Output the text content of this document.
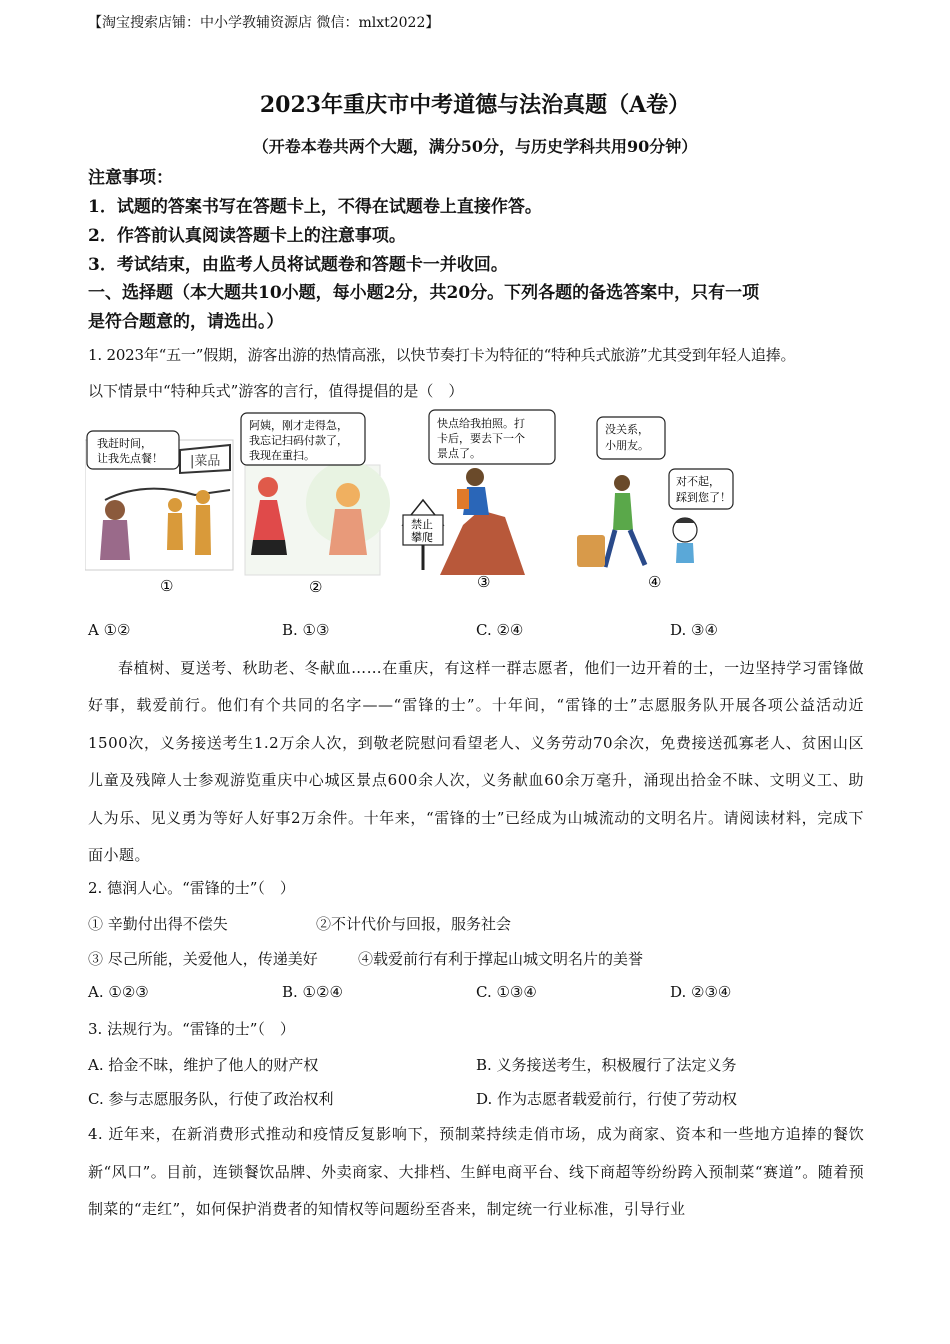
【淘宝搜索店铺：中小学教辅资源店 微信：mlxt2022】
2023年重庆市中考道德与法治真题（A卷）
（开卷本卷共两个大题，满分50分，与历史学科共用90分钟）
注意事项：
1．试题的答案书写在答题卡上，不得在试题卷上直接作答。
2．作答前认真阅读答题卡上的注意事项。
3．考试结束，由监考人员将试题卷和答题卡一并收回。
一、选择题（本大题共10小题，每小题2分，共20分。下列各题的备选答案中，只有一项
是符合题意的，请选出。）
1. 2023年“五一”假期，游客出游的热情高涨，以快节奏打卡为特征的“特种兵式旅游”尤其受到年轻人追捧。
以下情景中“特种兵式”游客的言行，值得提倡的是（　）
|菜品
我赶时间，
让我先点餐！
①
阿姨，刚才走得急，
我忘记扫码付款了，
我现在重扫。
②
禁止
攀爬
快点给我拍照。打
卡后，要去下一个
景点了。
③
没关系，
小朋友。
对不起，
踩到您了！
④
A ①②	B. ①③	C. ②④	D. ③④
春植树、夏送考、秋助老、冬献血……在重庆，有这样一群志愿者，他们一边开着的士，一边坚持学习雷锋做好事，载爱前行。他们有个共同的名字——“雷锋的士”。十年间，“雷锋的士”志愿服务队开展各项公益活动近1500次，义务接送考生1.2万余人次，到敬老院慰问看望老人、义务劳动70余次，免费接送孤寡老人、贫困山区儿童及残障人士参观游览重庆中心城区景点600余人次，义务献血60余万毫升，涌现出拾金不昧、文明义工、助人为乐、见义勇为等好人好事2万余件。十年来，“雷锋的士”已经成为山城流动的文明名片。请阅读材料，完成下面小题。
2. 德润人心。“雷锋的士”（　）
① 辛勤付出得不偿失	②不计代价与回报，服务社会
③ 尽己所能，关爱他人，传递美好	④载爱前行有利于撑起山城文明名片的美誉
A. ①②③	B. ①②④	C. ①③④	D. ②③④
3. 法规行为。“雷锋的士”（　）
A. 拾金不昧，维护了他人的财产权	B. 义务接送考生，积极履行了法定义务
C. 参与志愿服务队，行使了政治权利	D. 作为志愿者载爱前行，行使了劳动权
4. 近年来，在新消费形式推动和疫情反复影响下，预制菜持续走俏市场，成为商家、资本和一些地方追捧的餐饮新“风口”。目前，连锁餐饮品牌、外卖商家、大排档、生鲜电商平台、线下商超等纷纷跨入预制菜“赛道”。随着预制菜的“走红”，如何保护消费者的知情权等问题纷至沓来，制定统一行业标准，引导行业
